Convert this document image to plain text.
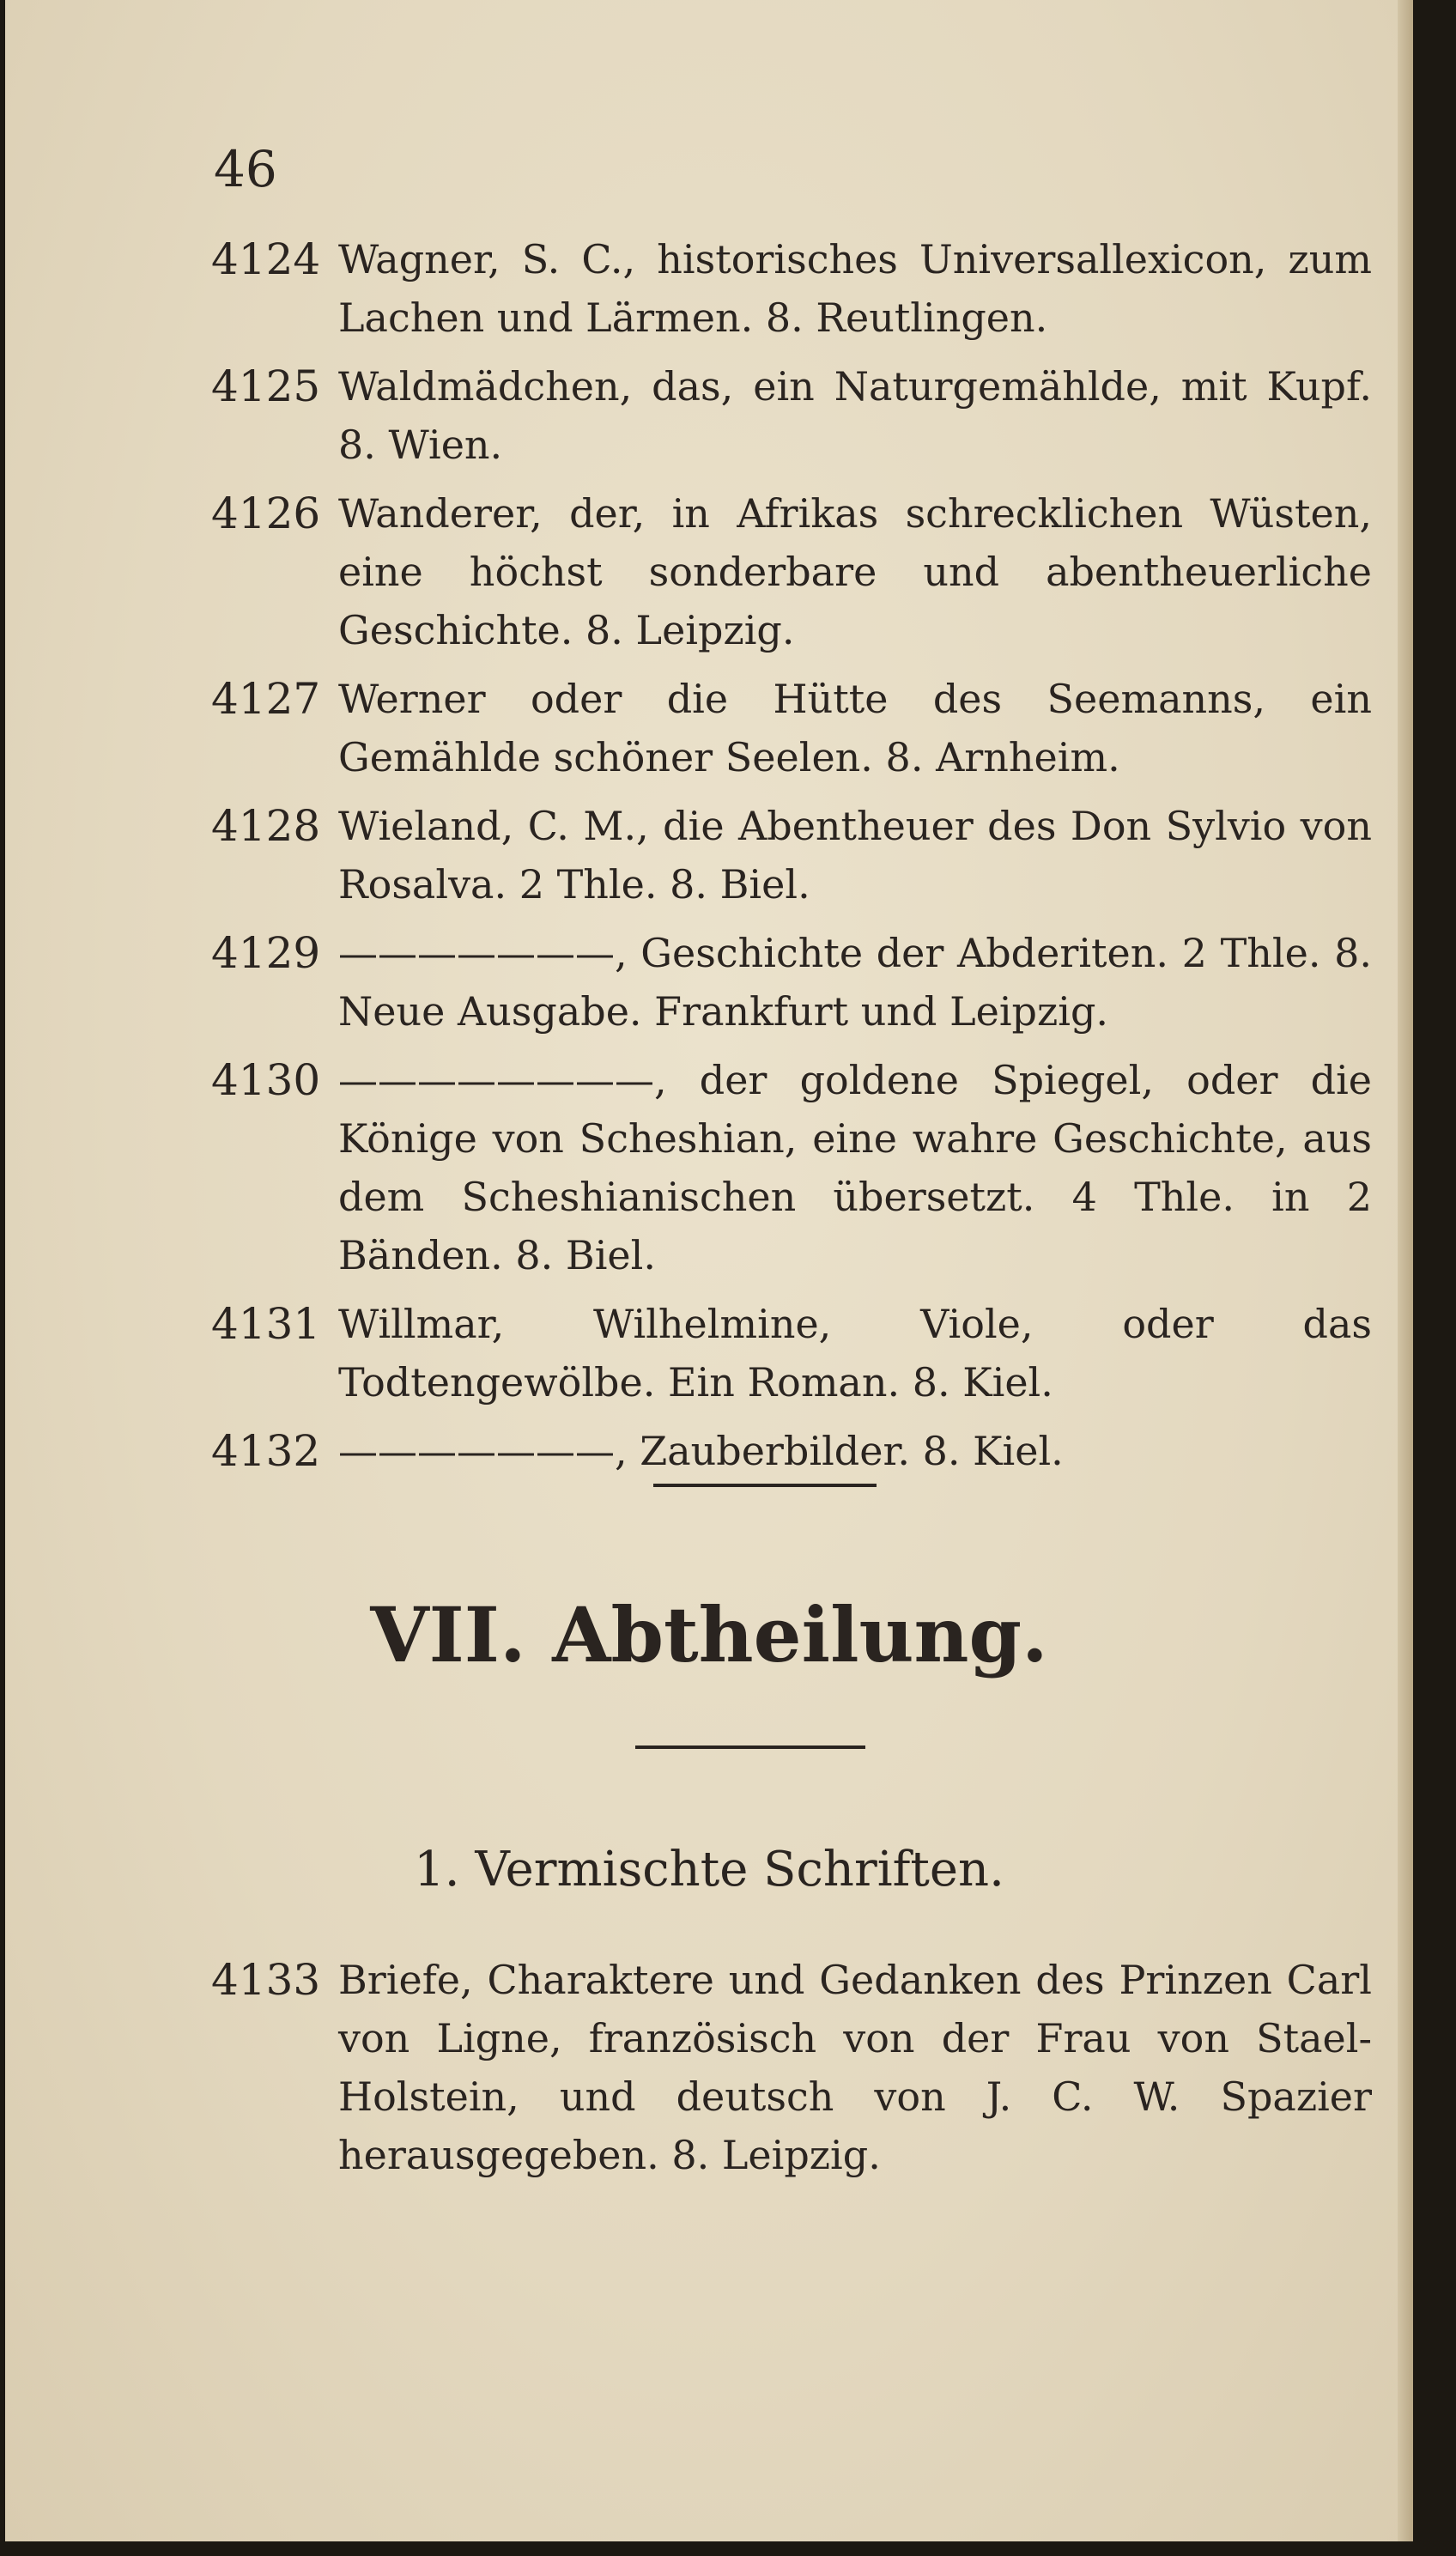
46
4124 Wagner, S. C., historisches Universallexicon, zum Lachen und Lärmen. 8. Reutlingen.
4125 Waldmädchen, das, ein Naturgemählde, mit Kupf. 8. Wien.
4126 Wanderer, der, in Afrikas schrecklichen Wüsten, eine höchst sonderbare und abentheuerliche Geschichte. 8. Leipzig.
4127 Werner oder die Hütte des Seemanns, ein Gemählde schöner Seelen. 8. Arnheim.
4128 Wieland, C. M., die Abentheuer des Don Sylvio von Rosalva. 2 Thle. 8. Biel.
4129 ———————, Geschichte der Abderiten. 2 Thle. 8. Neue Ausgabe. Frankfurt und Leipzig.
4130 ————————, der goldene Spiegel, oder die Könige von Scheshian, eine wahre Geschichte, aus dem Scheshianischen übersetzt. 4 Thle. in 2 Bänden. 8. Biel.
4131 Willmar, Wilhelmine, Viole, oder das Todtengewölbe. Ein Roman. 8. Kiel.
4132 ———————, Zauberbilder. 8. Kiel.
VII. Abtheilung.
1. Vermischte Schriften.
4133 Briefe, Charaktere und Gedanken des Prinzen Carl von Ligne, französisch von der Frau von Stael-Holstein, und deutsch von J. C. W. Spazier herausgegeben. 8. Leipzig.
